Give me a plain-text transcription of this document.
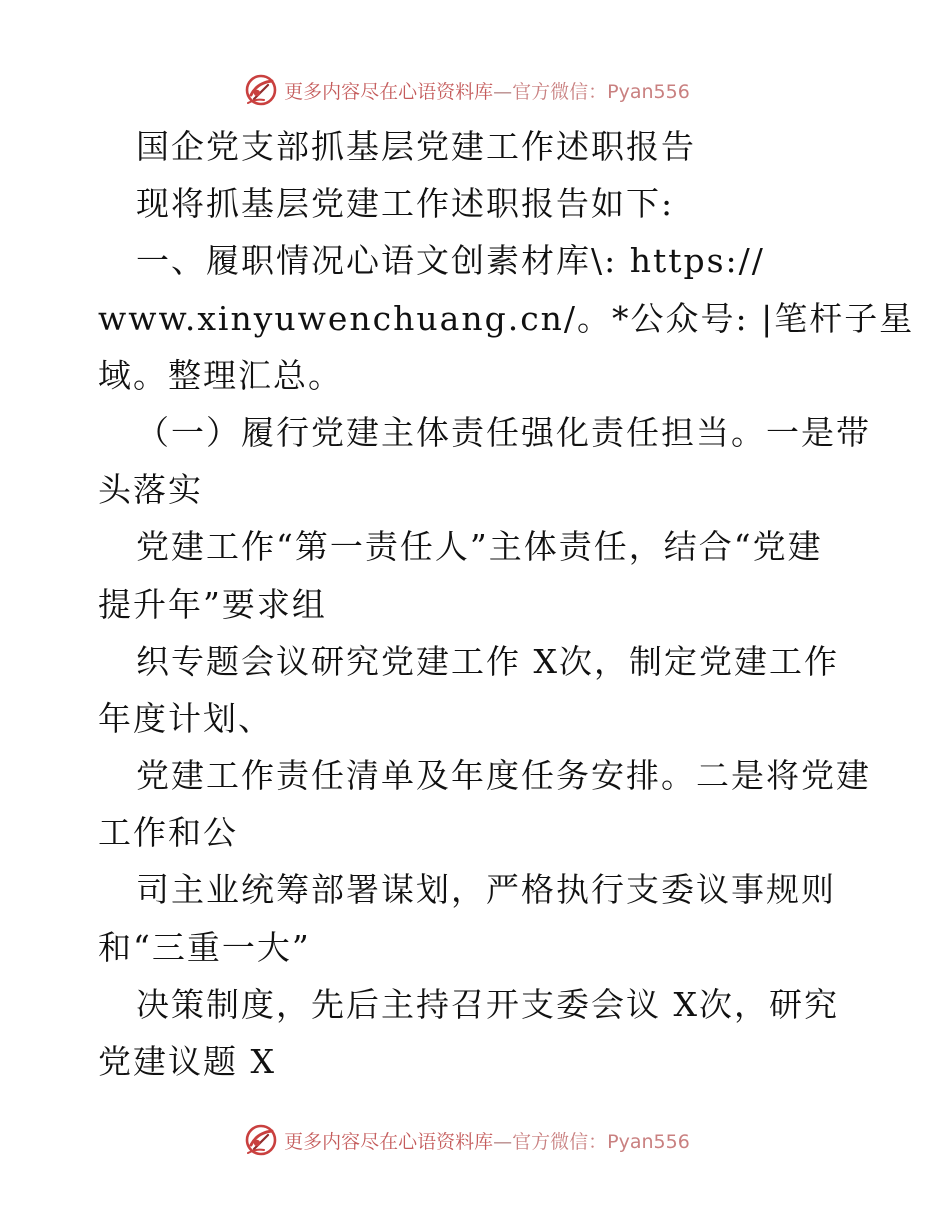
更多内容尽在心语资料库—官方微信：Pyan556
国企党支部抓基层党建工作述职报告
现将抓基层党建工作述职报告如下:
一、履职情况心语文创素材库\: https://
www.xinyuwenchuang.cn/。*公众号: |笔杆子星
域。整理汇总。
（一）履行党建主体责任强化责任担当。一是带
头落实
党建工作“第一责任人”主体责任，结合“党建
提升年”要求组
织专题会议研究党建工作 X次，制定党建工作
年度计划、
党建工作责任清单及年度任务安排。二是将党建
工作和公
司主业统筹部署谋划，严格执行支委议事规则
和“三重一大”
决策制度，先后主持召开支委会议 X次，研究
党建议题 X
更多内容尽在心语资料库—官方微信：Pyan556
